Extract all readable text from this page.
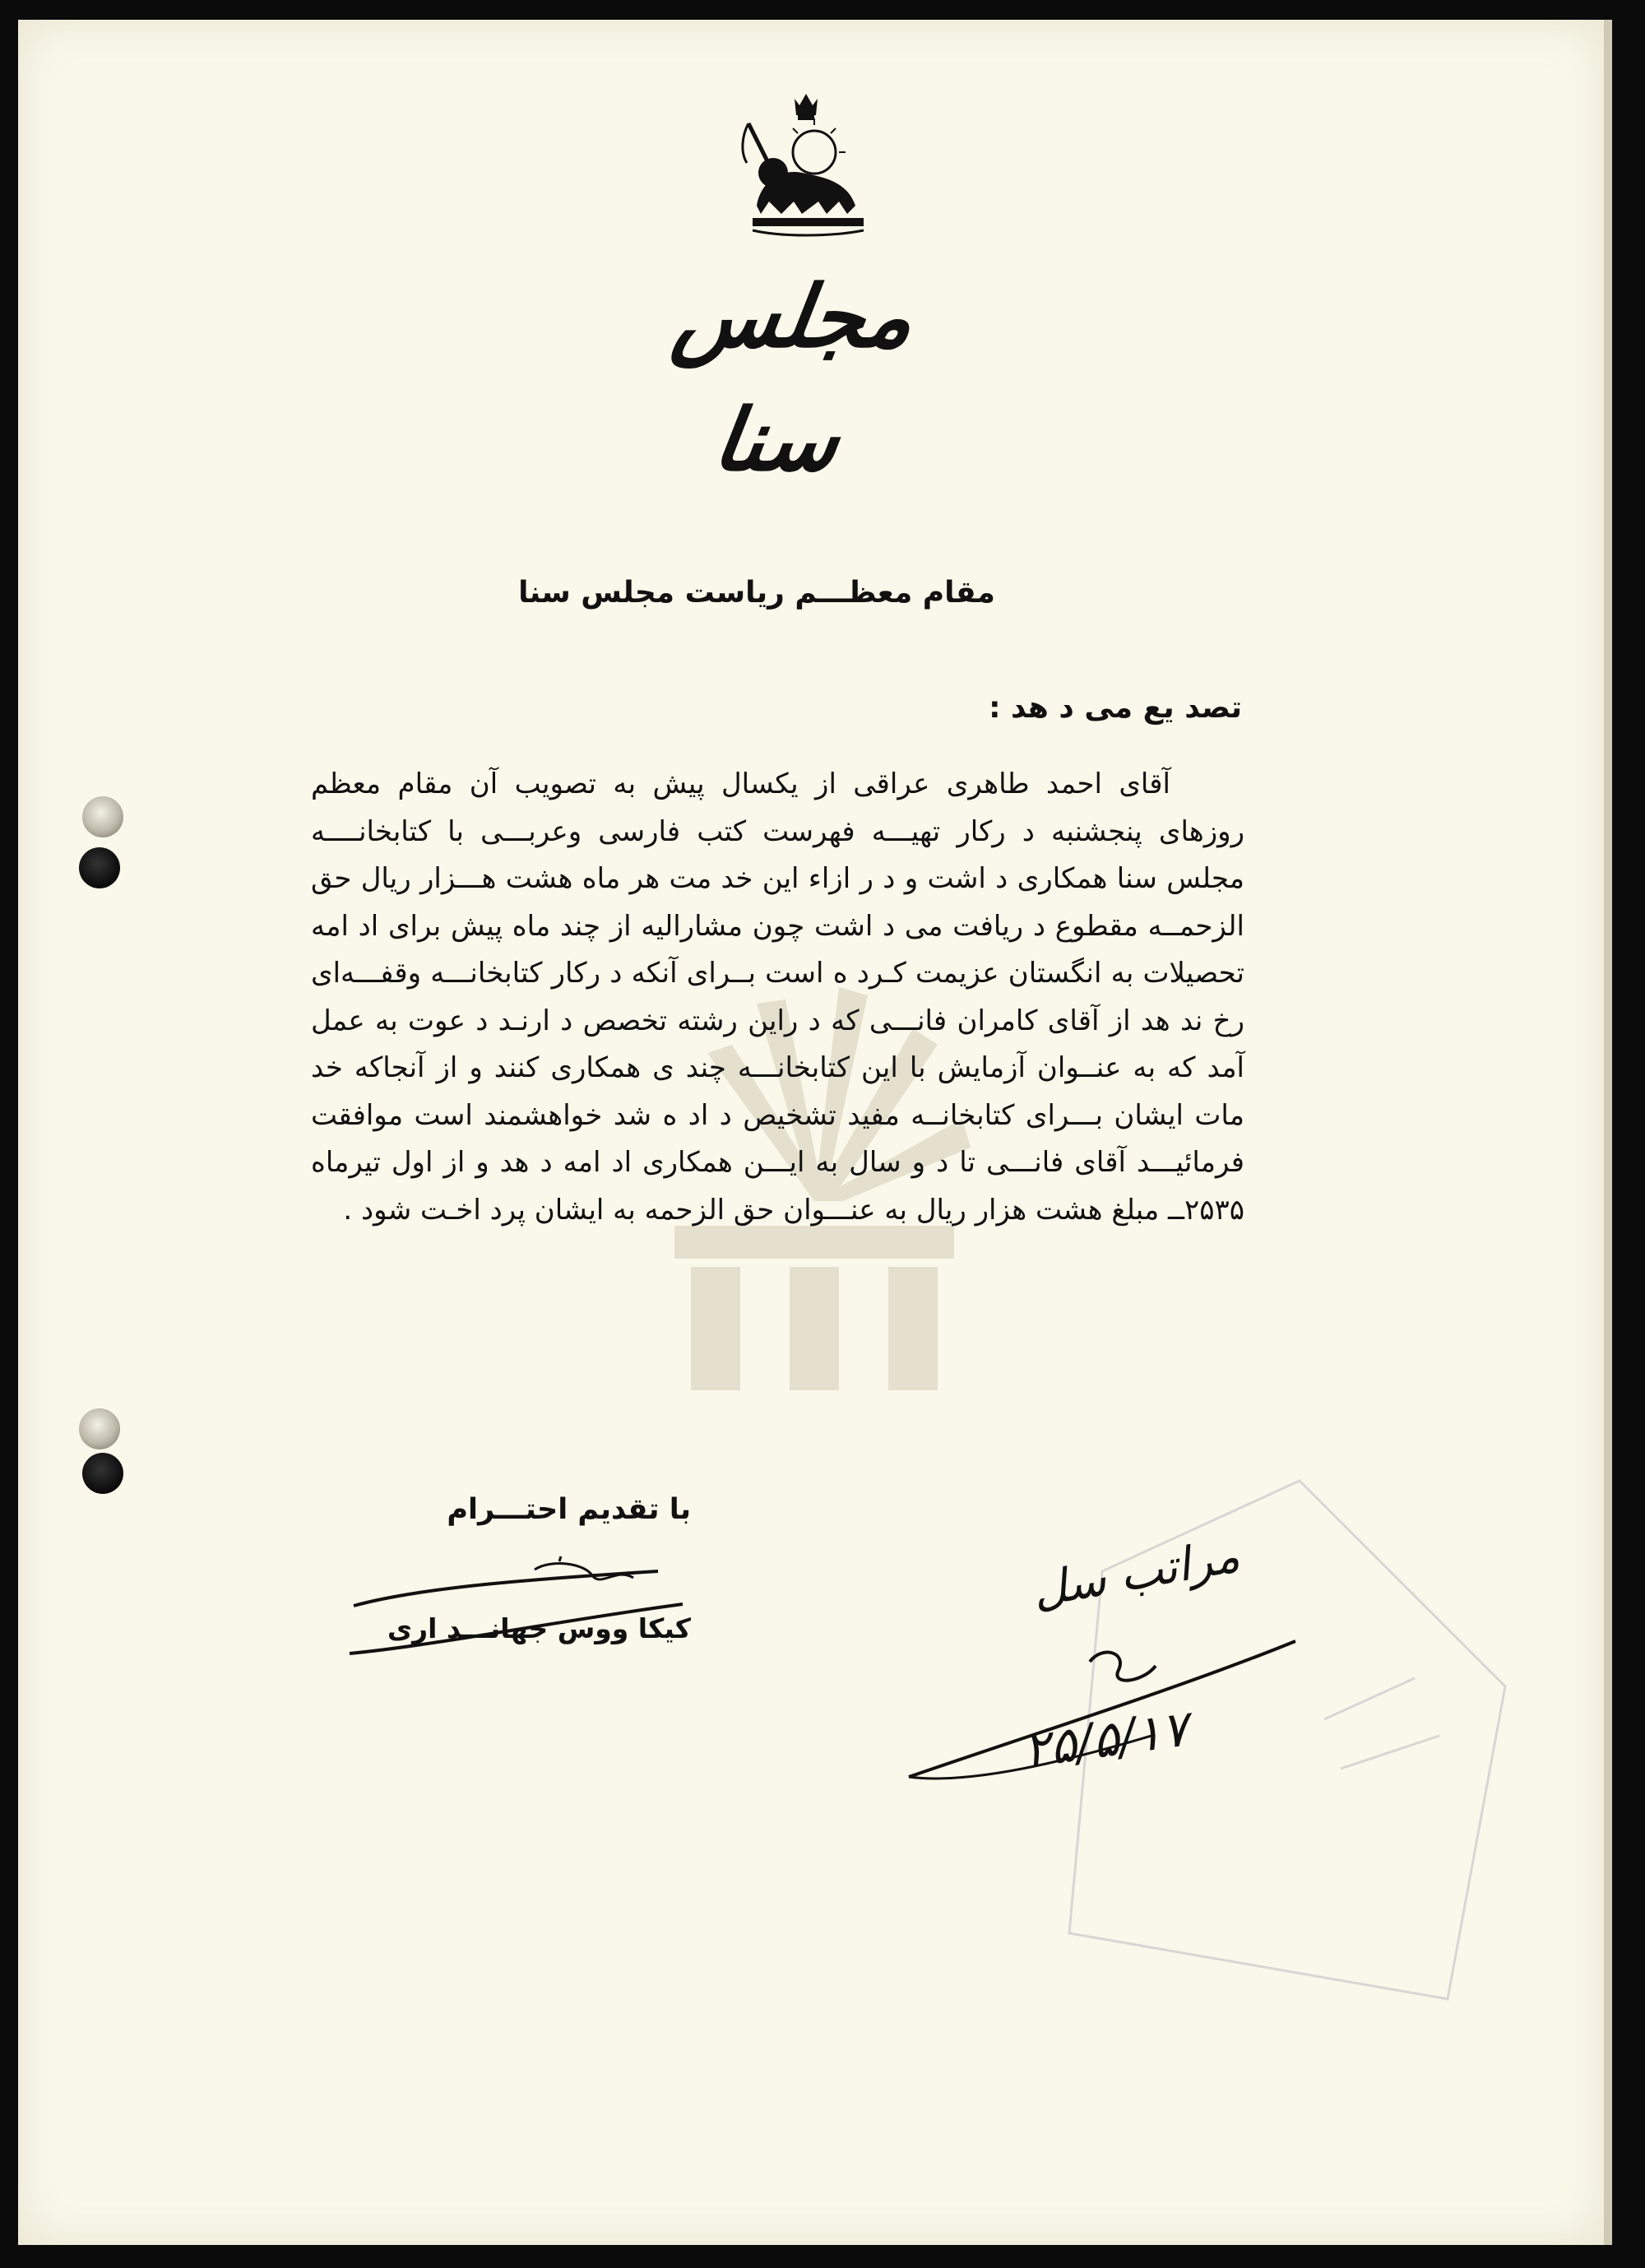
مجلس سنا
مقام معظـــم ریاست مجلس سنا
تصد یع می د هد :

آقای احمد طاهری عراقی از یکسال پیش به تصویب آن مقام معظم روزهای پنجشنبه د رکار تهیـــه فهرست کتب فارسی وعربـــی با کتابخانــــه مجلس سنا همکاری د اشت و د ر ازاء این خد مت هر ماه هشت هـــزار ریال حق الزحمــه مقطوع د ریافت می د اشت چون مشارالیه از چند ماه پیش برای اد امه تحصیلات به انگستان عزیمت کـرد ه است بــرای آنکه د رکار کتابخانـــه وقفـــه‌ای رخ ند هد از آقای کامران فانـــی که د راین رشته تخصص د ارنـد د عوت به عمل آمد که به عنــوان آزمایش با این کتابخانـــه چند ی همکاری کنند و از آنجاکه خد مات ایشان بـــرای کتابخانــه مفید تشخیص د اد ه شد خواهشمند است موافقت فرمائیـــد آقای فانـــی تا د و سال به ایـــن همکاری اد امه د هد و از اول تیرماه ۲۵۳۵ــ مبلغ هشت هزار ریال به عنـــوان حق الزحمه به ایشان پرد اخـت شود .

با تقدیم احتـــرام
کیکا ووس جهانـــد اری
مراتب سل
۲۵/۵/۱۷
